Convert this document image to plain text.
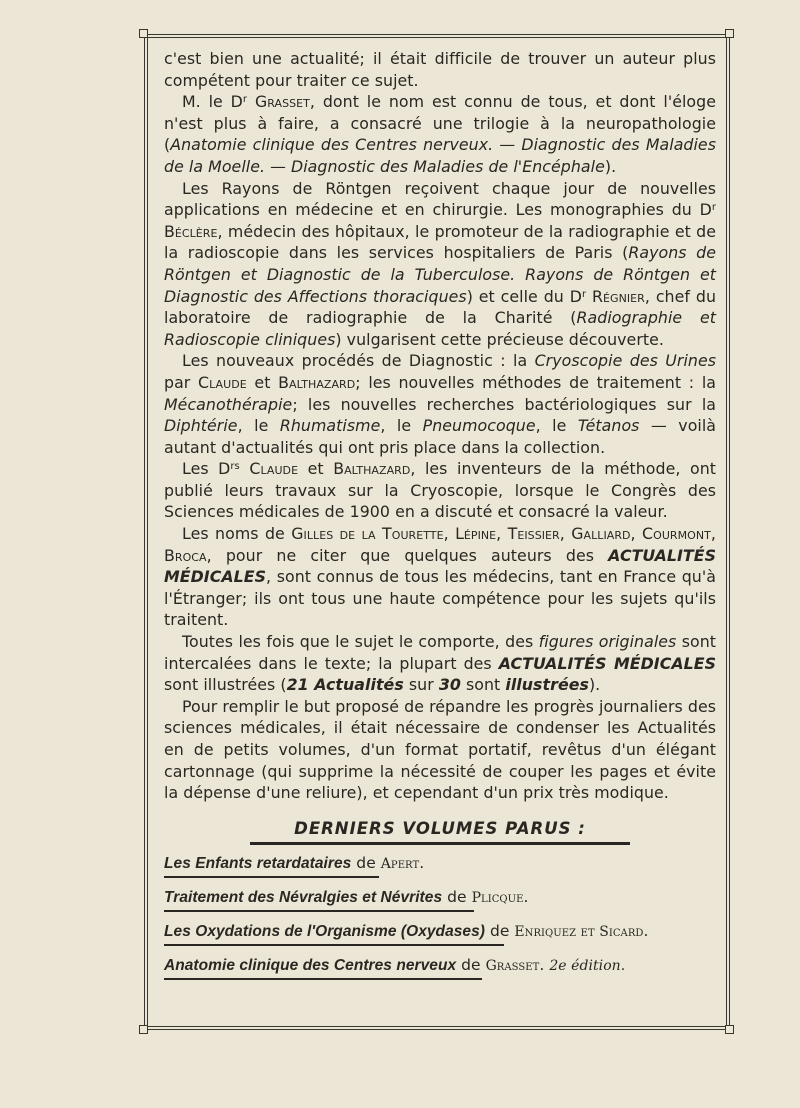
c'est bien une actualité; il était difficile de trouver un auteur plus compétent pour traiter ce sujet.

M. le $D^r$ Grasset, dont le nom est connu de tous, et dont l'éloge n'est plus à faire, a consacré une trilogie à la neuropathologie (Anatomie clinique des Centres nerveux. — Diagnostic des Maladies de la Moelle. — Diagnostic des Maladies de l'Encéphale).

Les Rayons de Röntgen reçoivent chaque jour de nouvelles applications en médecine et en chirurgie. Les monographies du $D^r$ Béclère, médecin des hôpitaux, le promoteur de la radiographie et de la radioscopie dans les services hospitaliers de Paris (Rayons de Röntgen et Diagnostic de la Tuberculose. Rayons de Röntgen et Diagnostic des Affections thoraciques) et celle du $D^r$ Régnier, chef du laboratoire de radiographie de la Charité (Radiographie et Radioscopie cliniques) vulgarisent cette précieuse découverte.

Les nouveaux procédés de Diagnostic : la Cryoscopie des Urines par Claude et Balthazard; les nouvelles méthodes de traitement : la Mécanothérapie; les nouvelles recherches bactériologiques sur la Diphtérie, le Rhumatisme, le Pneumocoque, le Tétanos — voilà autant d'actualités qui ont pris place dans la collection.

Les $D^{rs}$ Claude et Balthazard, les inventeurs de la méthode, ont publié leurs travaux sur la Cryoscopie, lorsque le Congrès des Sciences médicales de 1900 en a discuté et consacré la valeur.

Les noms de Gilles de la Tourette, Lépine, Teissier, Galliard, Courmont, Broca, pour ne citer que quelques auteurs des ACTUALITÉS MÉDICALES, sont connus de tous les médecins, tant en France qu'à l'Étranger; ils ont tous une haute compétence pour les sujets qu'ils traitent.

Toutes les fois que le sujet le comporte, des figures originales sont intercalées dans le texte; la plupart des ACTUALITÉS MÉDICALES sont illustrées (21 Actualités sur 30 sont illustrées).

Pour remplir le but proposé de répandre les progrès journaliers des sciences médicales, il était nécessaire de condenser les Actualités en de petits volumes, d'un format portatif, revêtus d'un élégant cartonnage (qui supprime la nécessité de couper les pages et évite la dépense d'une reliure), et cependant d'un prix très modique.

DERNIERS VOLUMES PARUS :
Les Enfants retardataires de Apert.
Traitement des Névralgies et Névrites de Plicque.
Les Oxydations de l'Organisme (Oxydases) de Enriquez et Sicard.
Anatomie clinique des Centres nerveux de Grasset. 2e édition.
